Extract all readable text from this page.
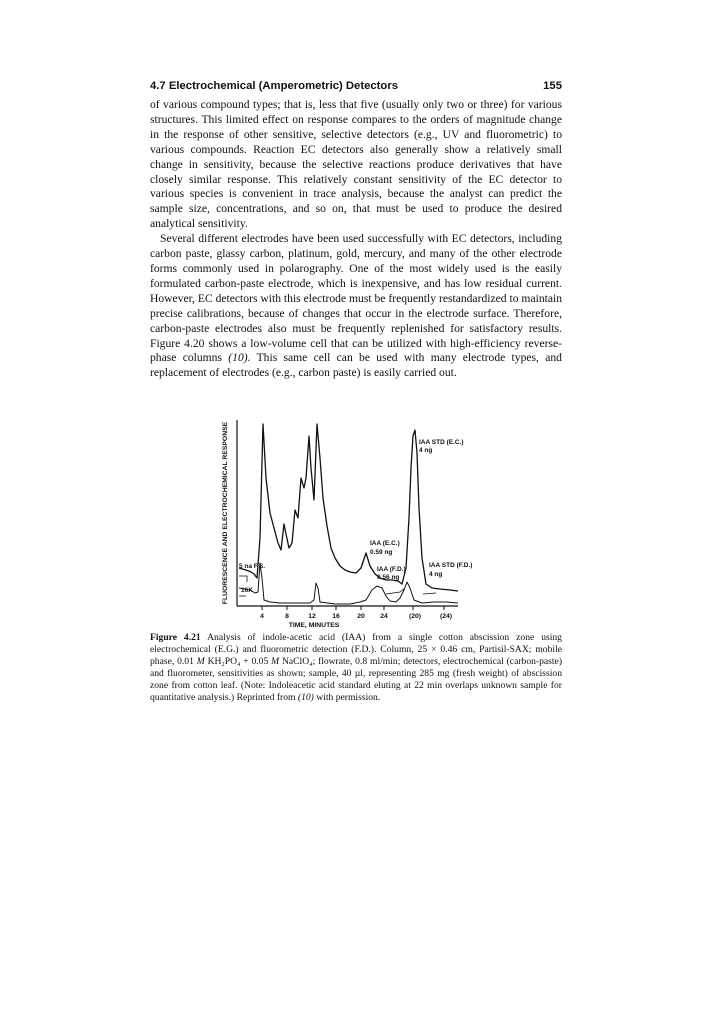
4.7 Electrochemical (Amperometric) Detectors	155

of various compound types; that is, less that five (usually only two or three) for various structures. This limited effect on response compares to the orders of magnitude change in the response of other sensitive, selective detectors (e.g., UV and fluorometric) to various compounds. Reaction EC detectors also generally show a relatively small change in sensitivity, because the selective reactions produce derivatives that have closely similar response. This relatively constant sensitivity of the EC detector to various species is convenient in trace analysis, because the analyst can predict the sample size, concentrations, and so on, that must be used to produce the desired analytical sensitivity.

Several different electrodes have been used successfully with EC detectors, including carbon paste, glassy carbon, platinum, gold, mercury, and many of the other electrode forms commonly used in polarography. One of the most widely used is the easily formulated carbon-paste electrode, which is inexpensive, and has low residual current. However, EC detectors with this electrode must be frequently restandardized to maintain precise calibrations, because of changes that occur in the electrode surface. Therefore, carbon-paste electrodes also must be frequently replenished for satisfactory results. Figure 4.20 shows a low-volume cell that can be utilized with high-efficiency reverse-phase columns (10). This same cell can be used with many electrode types, and replacement of electrodes (e.g., carbon paste) is easily carried out.

FLUORESCENCE AND ELECTROCHEMICAL RESPONSE
4	8	12 16	20 24	(20)	(24)
TIME, MINUTES
IAA STD (E.C.)
4 ng
IAA (E.C.)
0.59 ng
IAA (F.D.)
0.56 ng
IAA STD (F.D.)
4 ng
5 na F.S.
16X
Figure 4.21 Analysis of indole-acetic acid (IAA) from a single cotton abscission zone using electrochemical (E.G.) and fluorometric detection (F.D.). Column, 25 × 0.46 cm, Partisil-SAX; mobile phase, 0.01 M KH₂PO₄ + 0.05 M NaClO₄; flowrate, 0.8 ml/min; detectors, electrochemical (carbon-paste) and fluorometer, sensitivities as shown; sample, 40 µl, representing 285 mg (fresh weight) of abscission zone from cotton leaf. (Note: Indoleacetic acid standard eluting at 22 min overlaps unknown sample for quantitative analysis.) Reprinted from (10) with permission.
